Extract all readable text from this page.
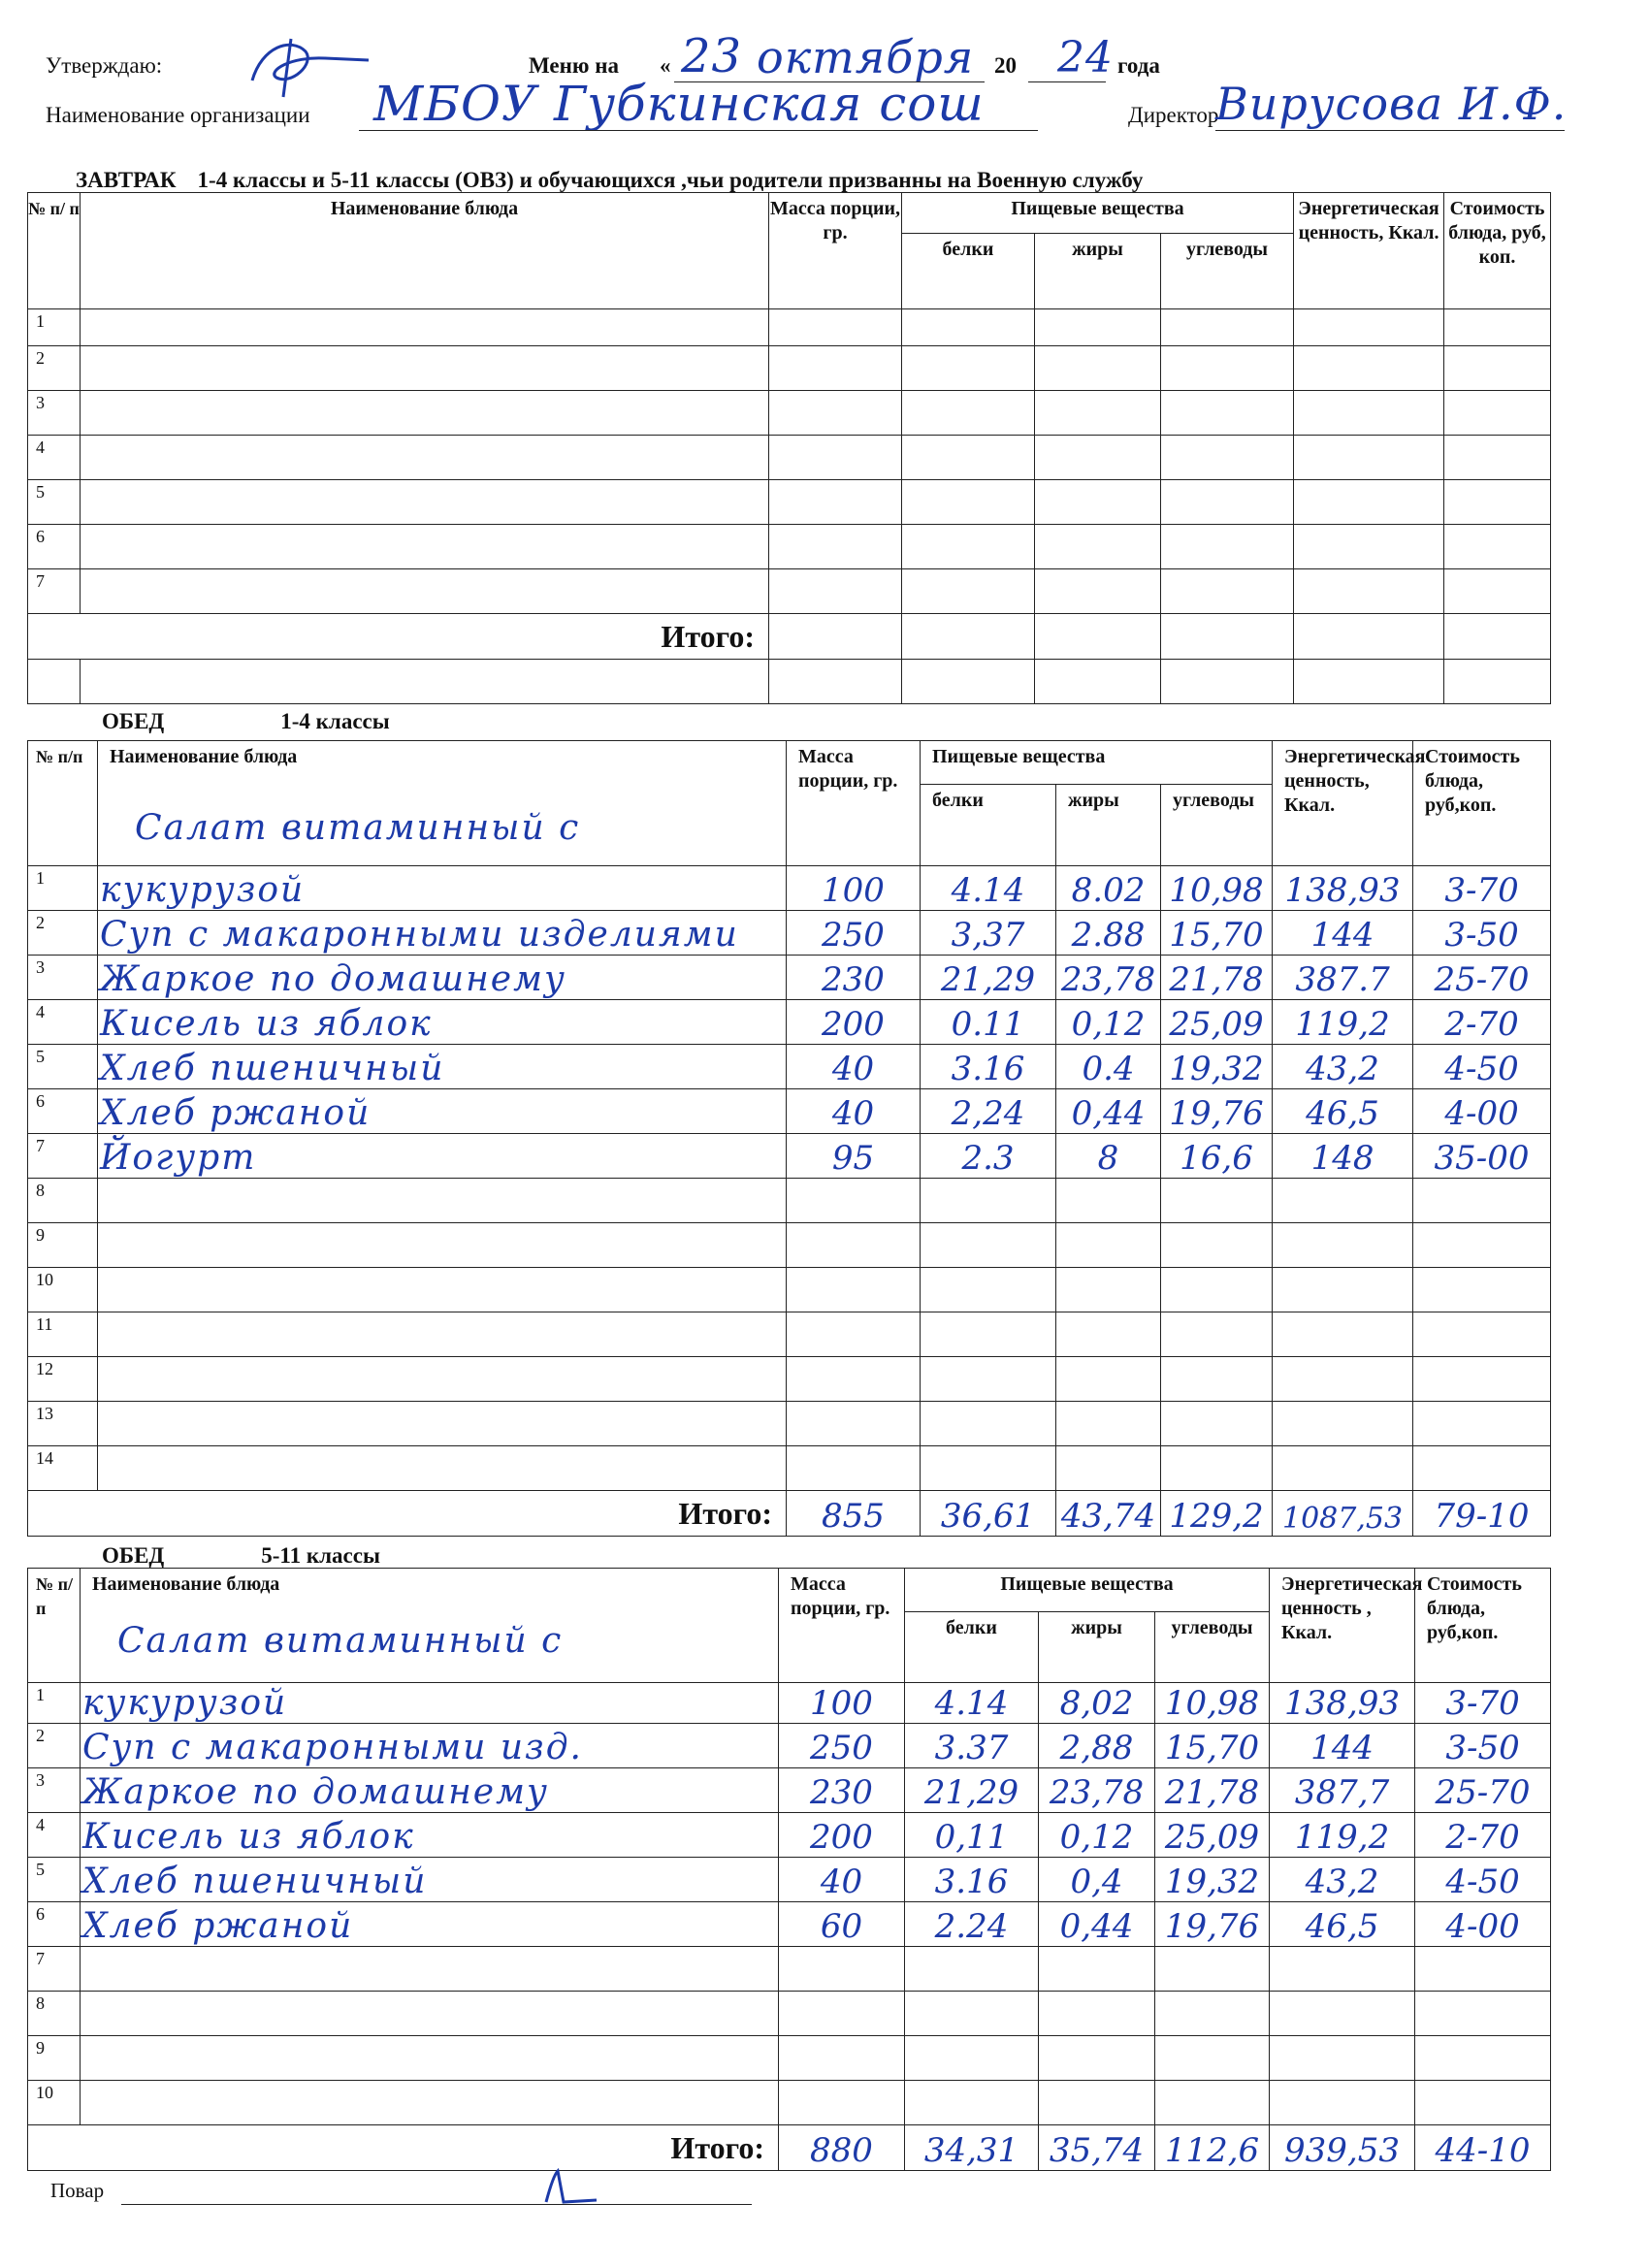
Утверждаю:	Меню на « 23 октября 20 24 года
Наименование организации МБОУ Губкинская сош	Директор
Вирусова И.Ф.
ЗАВТРАК 1-4 классы и 5-11 классы (ОВЗ) и обучающихся ,чьи родители призванны на Военную службу
№ п/ п	Наименование блюда	Масса порции, гр.	Пищевые вещества			Энергетическая ценность, Ккал.	Стоимость блюда, руб, коп.
			белки	жиры	углеводы		
1							
2							
3							
4							
5							
6							
7							
Итого:							

ОБЕД	1-4 классы
№ п/п	Наименование блюда	Масса порции, гр.	Пищевые вещества			Энергетическая ценность, Ккал.	Стоимость блюда, руб,коп.
			белки	жиры	углеводы		
1	Салат витаминный с
кукурузой	100	4.14	8.02	10,98	138,93	3-70
2	Суп с макаронными изделиями	250	3,37	2.88	15,70	144	3-50
3	Жаркое по домашнему	230	21,29	23,78	21,78	387.7	25-70
4	Кисель из яблок	200	0.11	0,12	25,09	119,2	2-70
5	Хлеб пшеничный	40	3.16	0.4	19,32	43,2	4-50
6	Хлеб ржаной	40	2,24	0,44	19,76	46,5	4-00
7	Йогурт	95	2.3	8	16,6	148	35-00
8							
9							
10							
11							
12							
13							
14							
Итого:		855	36,61	43,74	129,2	1087,53	79-10
ОБЕД	5-11 классы
№ п/ п	Наименование блюда	Масса порции, гр.	Пищевые вещества			Энергетическая ценность , Ккал.	Стоимость блюда, руб,коп.
			белки	жиры	углеводы		
1	Салат витаминный с
кукурузой	100	4.14	8,02	10,98	138,93	3-70
2	Суп с макаронными изд.	250	3.37	2,88	15,70	144	3-50
3	Жаркое по домашнему	230	21,29	23,78	21,78	387,7	25-70
4	Кисель из яблок	200	0,11	0,12	25,09	119,2	2-70
5	Хлеб пшеничный	40	3.16	0,4	19,32	43,2	4-50
6	Хлеб ржаной	60	2.24	0,44	19,76	46,5	4-00
7							
8							
9							
10							
Итого:		880	34,31	35,74	112,6	939,53	44-10
Повар
